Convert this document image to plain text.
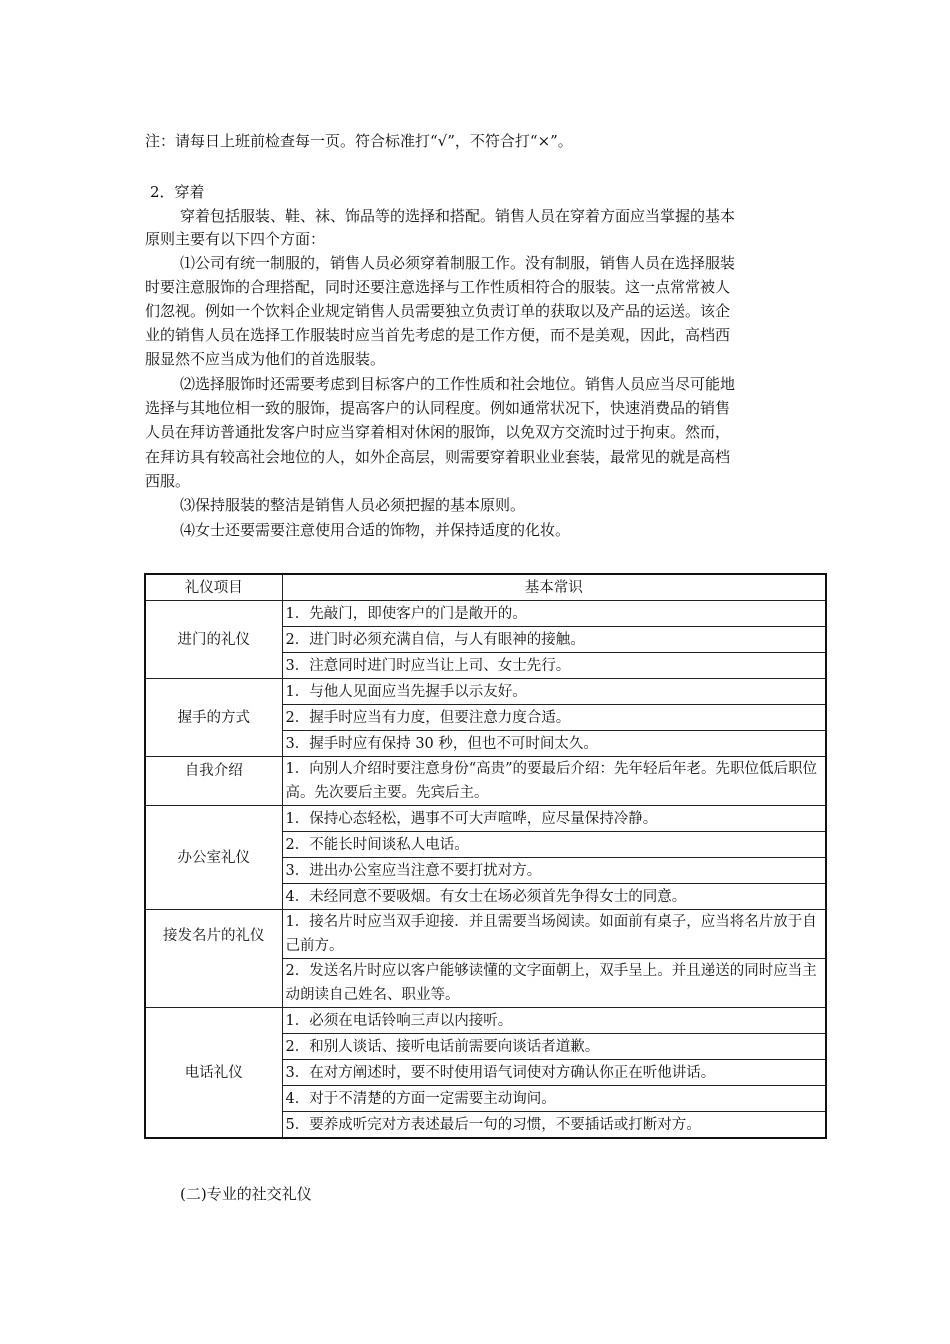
注：请每日上班前检查每一页。符合标准打“√”，不符合打“×”。
2．穿着
穿着包括服装、鞋、袜、饰品等的选择和搭配。销售人员在穿着方面应当掌握的基本
原则主要有以下四个方面：
⑴公司有统一制服的，销售人员必须穿着制服工作。没有制服，销售人员在选择服装
时要注意服饰的合理搭配，同时还要注意选择与工作性质相符合的服装。这一点常常被人
们忽视。例如一个饮料企业规定销售人员需要独立负责订单的获取以及产品的运送。该企
业的销售人员在选择工作服装时应当首先考虑的是工作方便，而不是美观，因此，高档西
服显然不应当成为他们的首选服装。
⑵选择服饰时还需要考虑到目标客户的工作性质和社会地位。销售人员应当尽可能地
选择与其地位相一致的服饰，提高客户的认同程度。例如通常状况下，快速消费品的销售
人员在拜访普通批发客户时应当穿着相对休闲的服饰，以免双方交流时过于拘束。然而，
在拜访具有较高社会地位的人，如外企高层，则需要穿着职业业套装，最常见的就是高档
西服。
⑶保持服装的整洁是销售人员必须把握的基本原则。
⑷女士还要需要注意使用合适的饰物，并保持适度的化妆。
礼仪项目	基本常识
进门的礼仪	1．先敲门，即使客户的门是敞开的。
	2．进门时必须充满自信，与人有眼神的接触。
	3．注意同时进门时应当让上司、女士先行。
握手的方式	1．与他人见面应当先握手以示友好。
	2．握手时应当有力度，但要注意力度合适。
	3．握手时应有保持 30 秒，但也不可时间太久。
自我介绍	1．向别人介绍时要注意身份“高贵”的要最后介绍：先年轻后年老。先职位低后职位高。先次要后主要。先宾后主。
办公室礼仪	1．保持心态轻松，遇事不可大声喧哗，应尽量保持冷静。
	2．不能长时间谈私人电话。
	3．进出办公室应当注意不要打扰对方。
	4．未经同意不要吸烟。有女士在场必须首先争得女士的同意。
接发名片的礼仪	1．接名片时应当双手迎接．并且需要当场阅读。如面前有桌子，应当将名片放于自己前方。
	2．发送名片时应以客户能够读懂的文字面朝上，双手呈上。并且递送的同时应当主动朗读自己姓名、职业等。
电话礼仪	1．必须在电话铃响三声以内接听。
	2．和别人谈话、接听电话前需要向谈话者道歉。
	3．在对方阐述时，要不时使用语气词使对方确认你正在听他讲话。
	4．对于不清楚的方面一定需要主动询问。
	5．要养成听完对方表述最后一句的习惯，不要插话或打断对方。
(二)专业的社交礼仪
